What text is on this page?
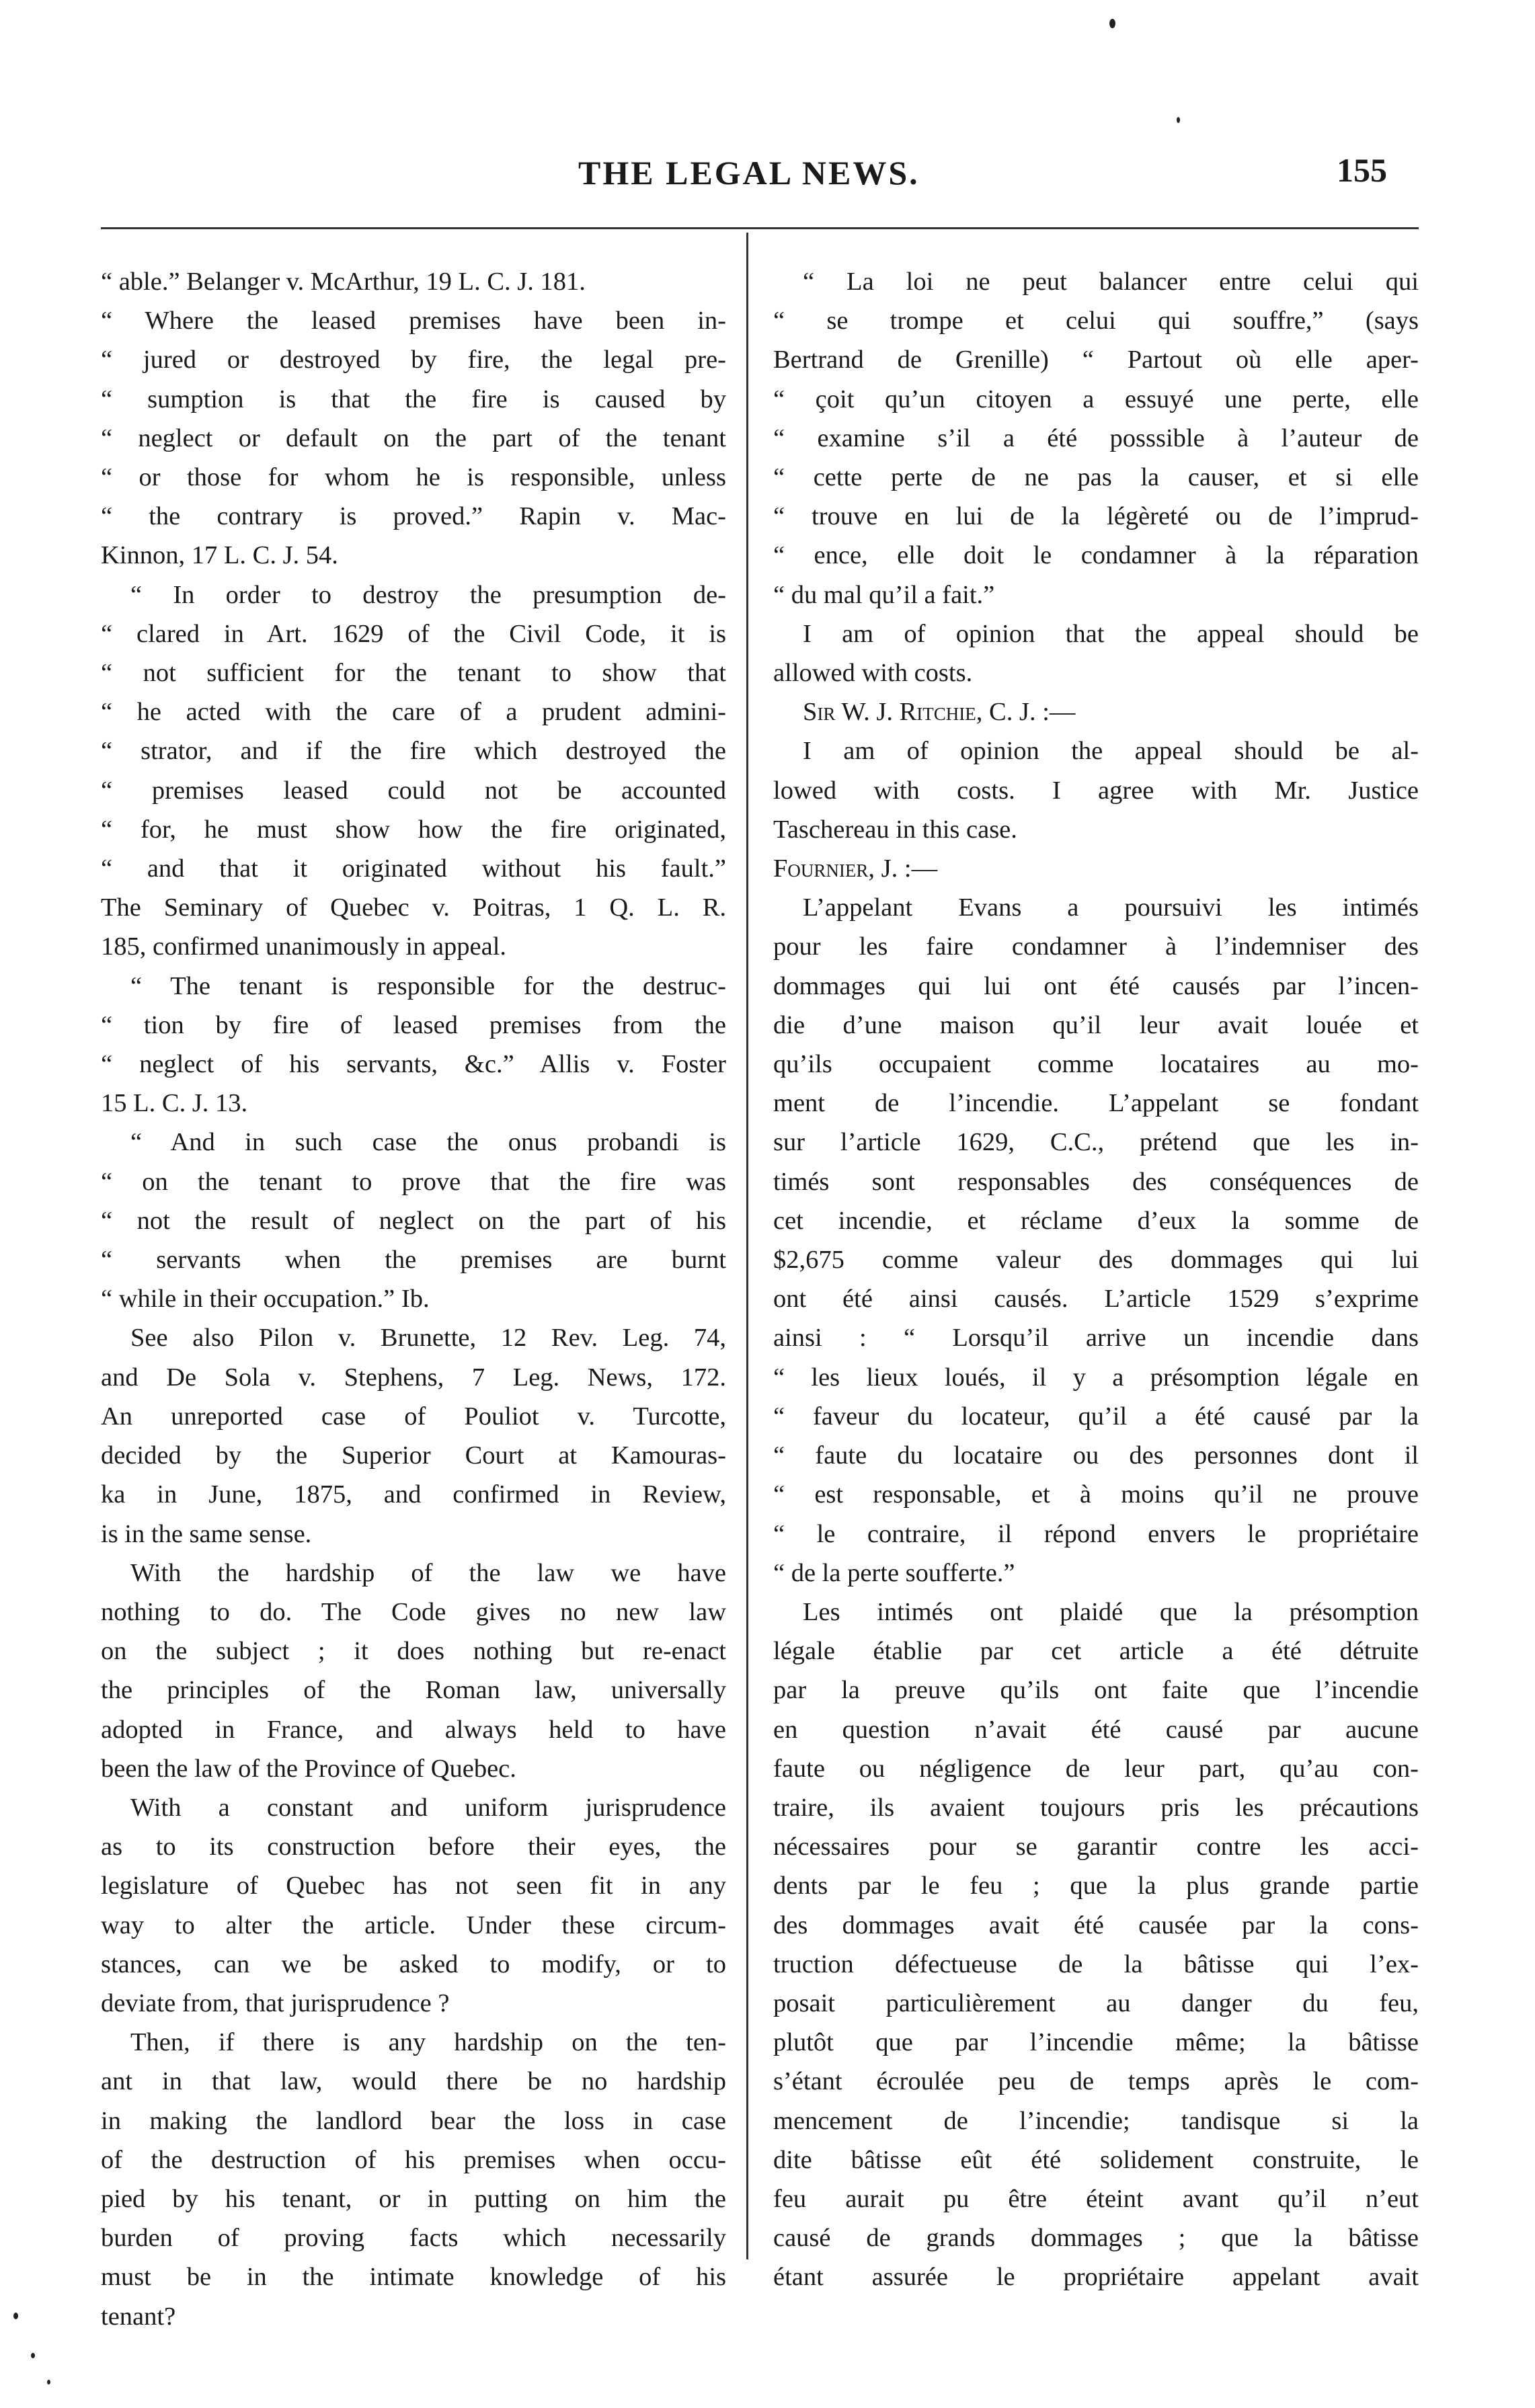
THE LEGAL NEWS.	155
“ able.” Belanger v. McArthur, 19 L. C. J. 181.
“ Where the leased premises have been in-
“ jured or destroyed by fire, the legal pre-
“ sumption is that the fire is caused by
“ neglect or default on the part of the tenant
“ or those for whom he is responsible, unless
“ the contrary is proved.” Rapin v. Mac-
Kinnon, 17 L. C. J. 54.
“ In order to destroy the presumption de-
“ clared in Art. 1629 of the Civil Code, it is
“ not sufficient for the tenant to show that
“ he acted with the care of a prudent admini-
“ strator, and if the fire which destroyed the
“ premises leased could not be accounted
“ for, he must show how the fire originated,
“ and that it originated without his fault.”
The Seminary of Quebec v. Poitras, 1 Q. L. R.
185, confirmed unanimously in appeal.
“ The tenant is responsible for the destruc-
“ tion by fire of leased premises from the
“ neglect of his servants, &c.” Allis v. Foster
15 L. C. J. 13.
“ And in such case the onus probandi is
“ on the tenant to prove that the fire was
“ not the result of neglect on the part of his
“ servants when the premises are burnt
“ while in their occupation.” Ib.
See also Pilon v. Brunette, 12 Rev. Leg. 74,
and De Sola v. Stephens, 7 Leg. News, 172.
An unreported case of Pouliot v. Turcotte,
decided by the Superior Court at Kamouras-
ka in June, 1875, and confirmed in Review,
is in the same sense.
With the hardship of the law we have
nothing to do. The Code gives no new law
on the subject ; it does nothing but re-enact
the principles of the Roman law, universally
adopted in France, and always held to have
been the law of the Province of Quebec.
With a constant and uniform jurisprudence
as to its construction before their eyes, the
legislature of Quebec has not seen fit in any
way to alter the article. Under these circum-
stances, can we be asked to modify, or to
deviate from, that jurisprudence ?
Then, if there is any hardship on the ten-
ant in that law, would there be no hardship
in making the landlord bear the loss in case
of the destruction of his premises when occu-
pied by his tenant, or in putting on him the
burden of proving facts which necessarily
must be in the intimate knowledge of his
tenant?
“ La loi ne peut balancer entre celui qui
“ se trompe et celui qui souffre,” (says
Bertrand de Grenille) “ Partout où elle aper-
“ çoit qu’un citoyen a essuyé une perte, elle
“ examine s’il a été posssible à l’auteur de
“ cette perte de ne pas la causer, et si elle
“ trouve en lui de la légèreté ou de l’imprud-
“ ence, elle doit le condamner à la réparation
“ du mal qu’il a fait.”
I am of opinion that the appeal should be
allowed with costs.
Sir W. J. Ritchie, C. J. :—
I am of opinion the appeal should be al-
lowed with costs. I agree with Mr. Justice
Taschereau in this case.
Fournier, J. :—
L’appelant Evans a poursuivi les intimés
pour les faire condamner à l’indemniser des
dommages qui lui ont été causés par l’incen-
die d’une maison qu’il leur avait louée et
qu’ils occupaient comme locataires au mo-
ment de l’incendie. L’appelant se fondant
sur l’article 1629, C.C., prétend que les in-
timés sont responsables des conséquences de
cet incendie, et réclame d’eux la somme de
$2,675 comme valeur des dommages qui lui
ont été ainsi causés. L’article 1529 s’exprime
ainsi : “ Lorsqu’il arrive un incendie dans
“ les lieux loués, il y a présomption légale en
“ faveur du locateur, qu’il a été causé par la
“ faute du locataire ou des personnes dont il
“ est responsable, et à moins qu’il ne prouve
“ le contraire, il répond envers le propriétaire
“ de la perte soufferte.”
Les intimés ont plaidé que la présomption
légale établie par cet article a été détruite
par la preuve qu’ils ont faite que l’incendie
en question n’avait été causé par aucune
faute ou négligence de leur part, qu’au con-
traire, ils avaient toujours pris les précautions
nécessaires pour se garantir contre les acci-
dents par le feu ; que la plus grande partie
des dommages avait été causée par la cons-
truction défectueuse de la bâtisse qui l’ex-
posait particulièrement au danger du feu,
plutôt que par l’incendie même; la bâtisse
s’étant écroulée peu de temps après le com-
mencement de l’incendie; tandisque si la
dite bâtisse eût été solidement construite, le
feu aurait pu être éteint avant qu’il n’eut
causé de grands dommages ; que la bâtisse
étant assurée le propriétaire appelant avait
